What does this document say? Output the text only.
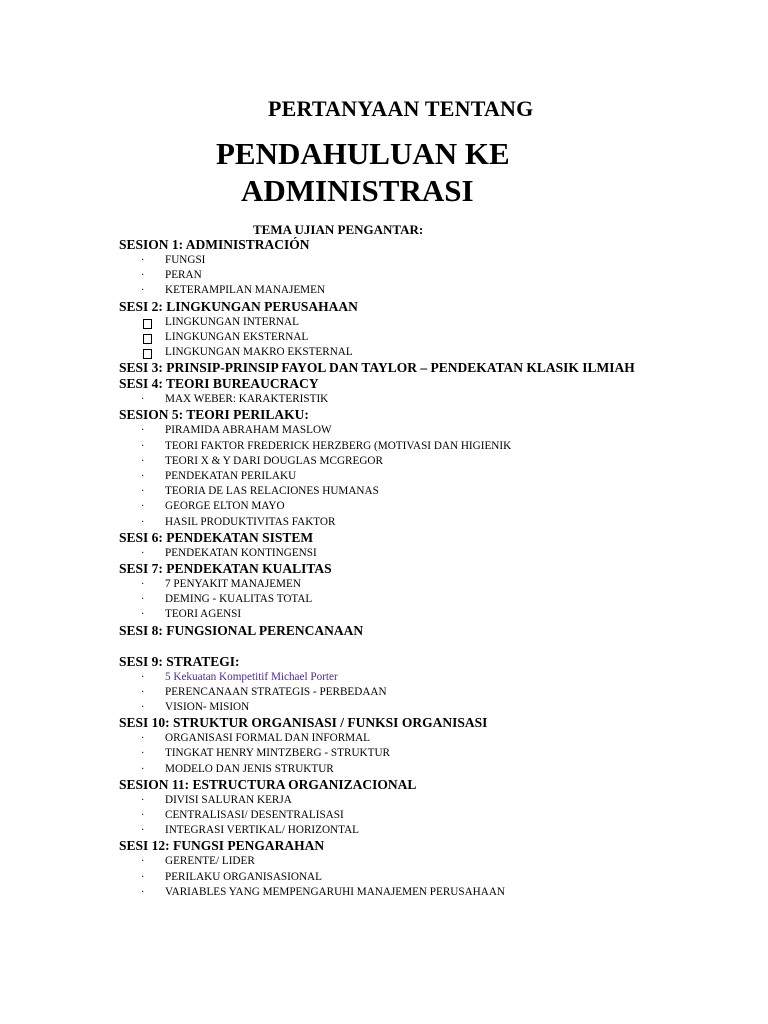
PERTANYAAN TENTANG
PENDAHULUAN KE
ADMINISTRASI
TEMA UJIAN PENGANTAR:
SESION 1: ADMINISTRACIÓN
· FUNGSI
· PERAN
· KETERAMPILAN MANAJEMEN
SESI 2: LINGKUNGAN PERUSAHAAN
LINGKUNGAN INTERNAL
LINGKUNGAN EKSTERNAL
LINGKUNGAN MAKRO EKSTERNAL
SESI 3: PRINSIP-PRINSIP FAYOL DAN TAYLOR – PENDEKATAN KLASIK ILMIAH
SESI 4: TEORI BUREAUCRACY
· MAX WEBER: KARAKTERISTIK
SESION 5: TEORI PERILAKU:
· PIRAMIDA ABRAHAM MASLOW
· TEORI FAKTOR FREDERICK HERZBERG (MOTIVASI DAN HIGIENIK
· TEORI X & Y DARI DOUGLAS MCGREGOR
· PENDEKATAN PERILAKU
· TEORIA DE LAS RELACIONES HUMANAS
· GEORGE ELTON MAYO
· HASIL PRODUKTIVITAS FAKTOR
SESI 6: PENDEKATAN SISTEM
· PENDEKATAN KONTINGENSI
SESI 7: PENDEKATAN KUALITAS
· 7 PENYAKIT MANAJEMEN
· DEMING - KUALITAS TOTAL
· TEORI AGENSI
SESI 8: FUNGSIONAL PERENCANAAN
SESI 9: STRATEGI:
· 5 Kekuatan Kompetitif Michael Porter
· PERENCANAAN STRATEGIS - PERBEDAAN
· VISION- MISION
SESI 10: STRUKTUR ORGANISASI / FUNKSI ORGANISASI
· ORGANISASI FORMAL DAN INFORMAL
· TINGKAT HENRY MINTZBERG - STRUKTUR
· MODELO DAN JENIS STRUKTUR
SESION 11: ESTRUCTURA ORGANIZACIONAL
· DIVISI SALURAN KERJA
· CENTRALISASI/ DESENTRALISASI
· INTEGRASI VERTIKAL/ HORIZONTAL
SESI 12: FUNGSI PENGARAHAN
· GERENTE/ LIDER
· PERILAKU ORGANISASIONAL
· VARIABLES YANG MEMPENGARUHI MANAJEMEN PERUSAHAAN
